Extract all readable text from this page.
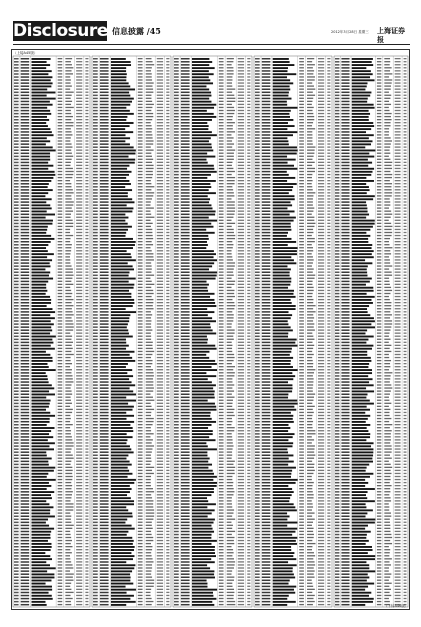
Disclosure 信息披露 /45	2012年3月28日 星期三 上海证券报
（上接A45版）
（下转A46版）
